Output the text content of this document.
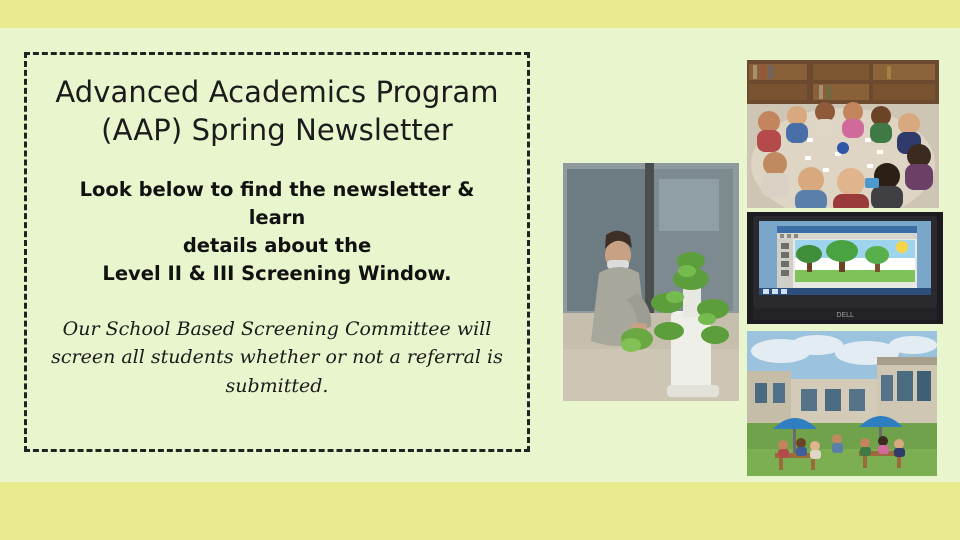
Advanced Academics Program
(AAP) Spring Newsletter

Look below to find the newsletter & learn
details about the
Level II & III Screening Window.

Our School Based Screening Committee will screen all students whether or not a referral is submitted.

DELL
